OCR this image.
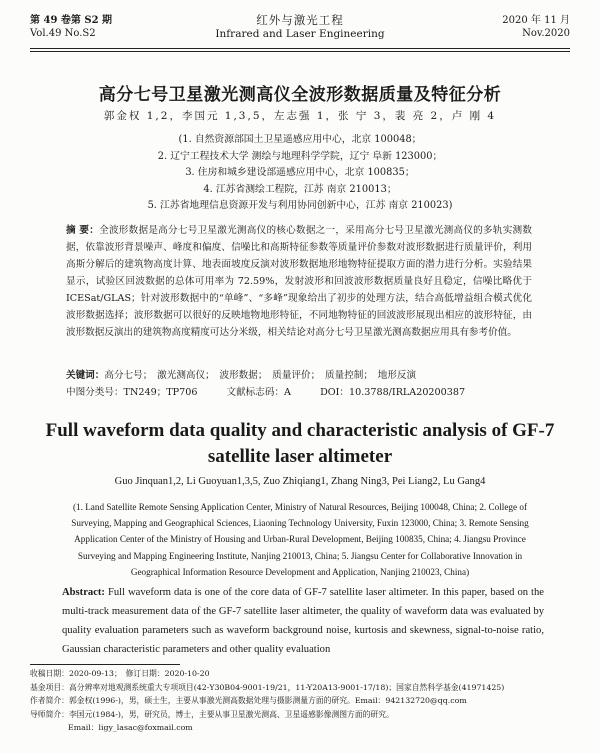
第 49 卷第 S2 期
Vol.49 No.S2
红外与激光工程
Infrared and Laser Engineering
2020 年 11 月
Nov.2020
高分七号卫星激光测高仪全波形数据质量及特征分析
郭金权 1,2，李国元 1,3,5，左志强 1，张 宁 3，裴 亮 2，卢 刚 4
(1. 自然资源部国土卫星遥感应用中心，北京 100048；
2. 辽宁工程技术大学 测绘与地理科学学院，辽宁 阜新 123000；
3. 住房和城乡建设部遥感应用中心，北京 100835；
4. 江苏省测绘工程院，江苏 南京 210013；
5. 江苏省地理信息资源开发与利用协同创新中心，江苏 南京 210023)
摘 要：全波形数据是高分七号卫星激光测高仪的核心数据之一，采用高分七号卫星激光测高仪的多轨实测数据，依靠波形背景噪声、峰度和偏度、信噪比和高斯特征参数等质量评价参数对波形数据进行质量评价，利用高斯分解后的建筑物高度计算、地表面坡度反演对波形数据地形地物特征提取方面的潜力进行分析。实验结果显示，试验区回波数据的总体可用率为 72.59%，发射波形和回波波形数据质量良好且稳定，信噪比略优于 ICESat/GLAS；针对波形数据中的“单峰”、“多峰”现象给出了初步的处理方法，结合高低增益组合模式优化波形数据选择；波形数据可以很好的反映地物地形特征，不同地物特征的回波波形展现出相应的波形特征，由波形数据反演出的建筑物高度精度可达分米级，相关结论对高分七号卫星激光测高数据应用具有参考价值。
关键词：高分七号；　激光测高仪；　波形数据；　质量评价；　质量控制；　地形反演
中图分类号：TN249；TP706	文献标志码：A	DOI：10.3788/IRLA20200387
Full waveform data quality and characteristic analysis of GF-7 satellite laser altimeter
Guo Jinquan1,2, Li Guoyuan1,3,5, Zuo Zhiqiang1, Zhang Ning3, Pei Liang2, Lu Gang4
(1. Land Satellite Remote Sensing Application Center, Ministry of Natural Resources, Beijing 100048, China; 2. College of Surveying, Mapping and Geographical Sciences, Liaoning Technology University, Fuxin 123000, China; 3. Remote Sensing Application Center of the Ministry of Housing and Urban-Rural Development, Beijing 100835, China; 4. Jiangsu Province Surveying and Mapping Engineering Institute, Nanjing 210013, China; 5. Jiangsu Center for Collaborative Innovation in Geographical Information Resource Development and Application, Nanjing 210023, China)
Abstract: Full waveform data is one of the core data of GF-7 satellite laser altimeter. In this paper, based on the multi-track measurement data of the GF-7 satellite laser altimeter, the quality of waveform data was evaluated by quality evaluation parameters such as waveform background noise, kurtosis and skewness, signal-to-noise ratio, Gaussian characteristic parameters and other quality evaluation
收稿日期：2020-09-13；　修订日期：2020-10-20
基金项目：高分辨率对地观测系统重大专项项目(42-Y30B04-9001-19/21，11-Y20A13-9001-17/18)；国家自然科学基金(41971425)
作者简介：郭金权(1996-)，男，硕士生，主要从事激光测高数据处理与摄影测量方面的研究。Email：942132720@qq.com
导师简介：李国元(1984-)，男，研究员，博士，主要从事卫星激光测高、卫星遥感影像测图方面的研究。
Email：ligy_lasac@foxmail.com
